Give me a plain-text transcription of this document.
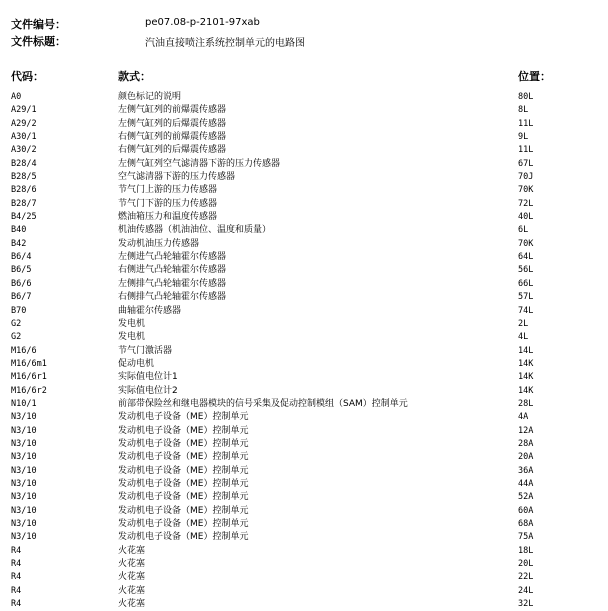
文件编号：	pe07.08-p-2101-97xab
文件标题：	汽油直接喷注系统控制单元的电路图
代码：	款式：	位置：
A0	颜色标记的说明	80L
A29/1	左侧气缸列的前爆震传感器	8L
A29/2	左侧气缸列的后爆震传感器	11L
A30/1	右侧气缸列的前爆震传感器	9L
A30/2	右侧气缸列的后爆震传感器	11L
B28/4	左侧气缸列空气滤清器下游的压力传感器	67L
B28/5	空气滤清器下游的压力传感器	70J
B28/6	节气门上游的压力传感器	70K
B28/7	节气门下游的压力传感器	72L
B4/25	燃油箱压力和温度传感器	40L
B40	机油传感器（机油油位、温度和质量）	6L
B42	发动机油压力传感器	70K
B6/4	左侧进气凸轮轴霍尔传感器	64L
B6/5	右侧进气凸轮轴霍尔传感器	56L
B6/6	左侧排气凸轮轴霍尔传感器	66L
B6/7	右侧排气凸轮轴霍尔传感器	57L
B70	曲轴霍尔传感器	74L
G2	发电机	2L
G2	发电机	4L
M16/6	节气门激活器	14L
M16/6m1	促动电机	14K
M16/6r1	实际值电位计1	14K
M16/6r2	实际值电位计2	14K
N10/1	前部带保险丝和继电器模块的信号采集及促动控制模组（SAM）控制单元	28L
N3/10	发动机电子设备（ME）控制单元	4A
N3/10	发动机电子设备（ME）控制单元	12A
N3/10	发动机电子设备（ME）控制单元	28A
N3/10	发动机电子设备（ME）控制单元	20A
N3/10	发动机电子设备（ME）控制单元	36A
N3/10	发动机电子设备（ME）控制单元	44A
N3/10	发动机电子设备（ME）控制单元	52A
N3/10	发动机电子设备（ME）控制单元	60A
N3/10	发动机电子设备（ME）控制单元	68A
N3/10	发动机电子设备（ME）控制单元	75A
R4	火花塞	18L
R4	火花塞	20L
R4	火花塞	22L
R4	火花塞	24L
R4	火花塞	32L
